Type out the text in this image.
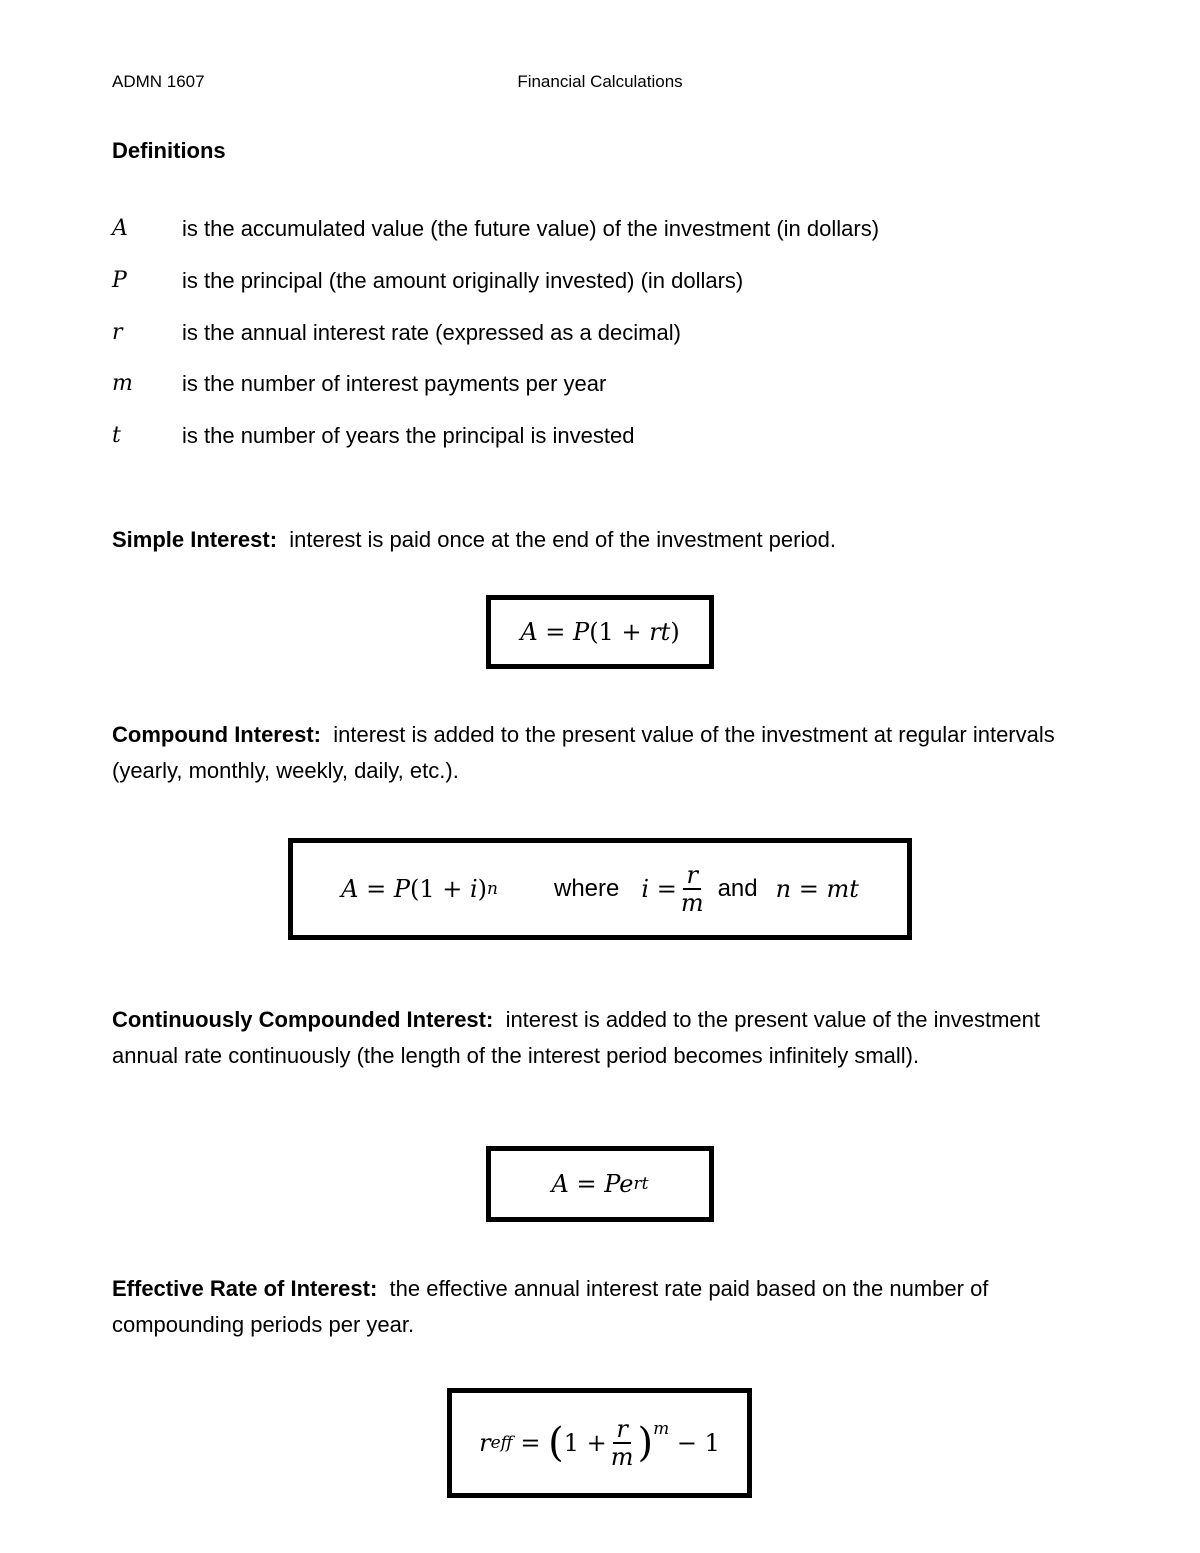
ADMN 1607	Financial Calculations
Definitions
A	is the accumulated value (the future value) of the investment (in dollars)
P	is the principal (the amount originally invested) (in dollars)
r	is the annual interest rate (expressed as a decimal)
m	is the number of interest payments per year
t	is the number of years the principal is invested
Simple Interest: interest is paid once at the end of the investment period.
A = P (1 + rt )
Compound Interest: interest is added to the present value of the investment at regular intervals (yearly, monthly, weekly, daily, etc.).
A = P (1 + i ) n where $i = \frac{r}{m}$ and n = mt
Continuously Compounded Interest: interest is added to the present value of the investment annual rate continuously (the length of the interest period becomes infinitely small).
A = Pe rt
Effective Rate of Interest: the effective annual interest rate paid based on the number of compounding periods per year.
r eff = ( $1 + \frac{r}{m} )^m - 1$
